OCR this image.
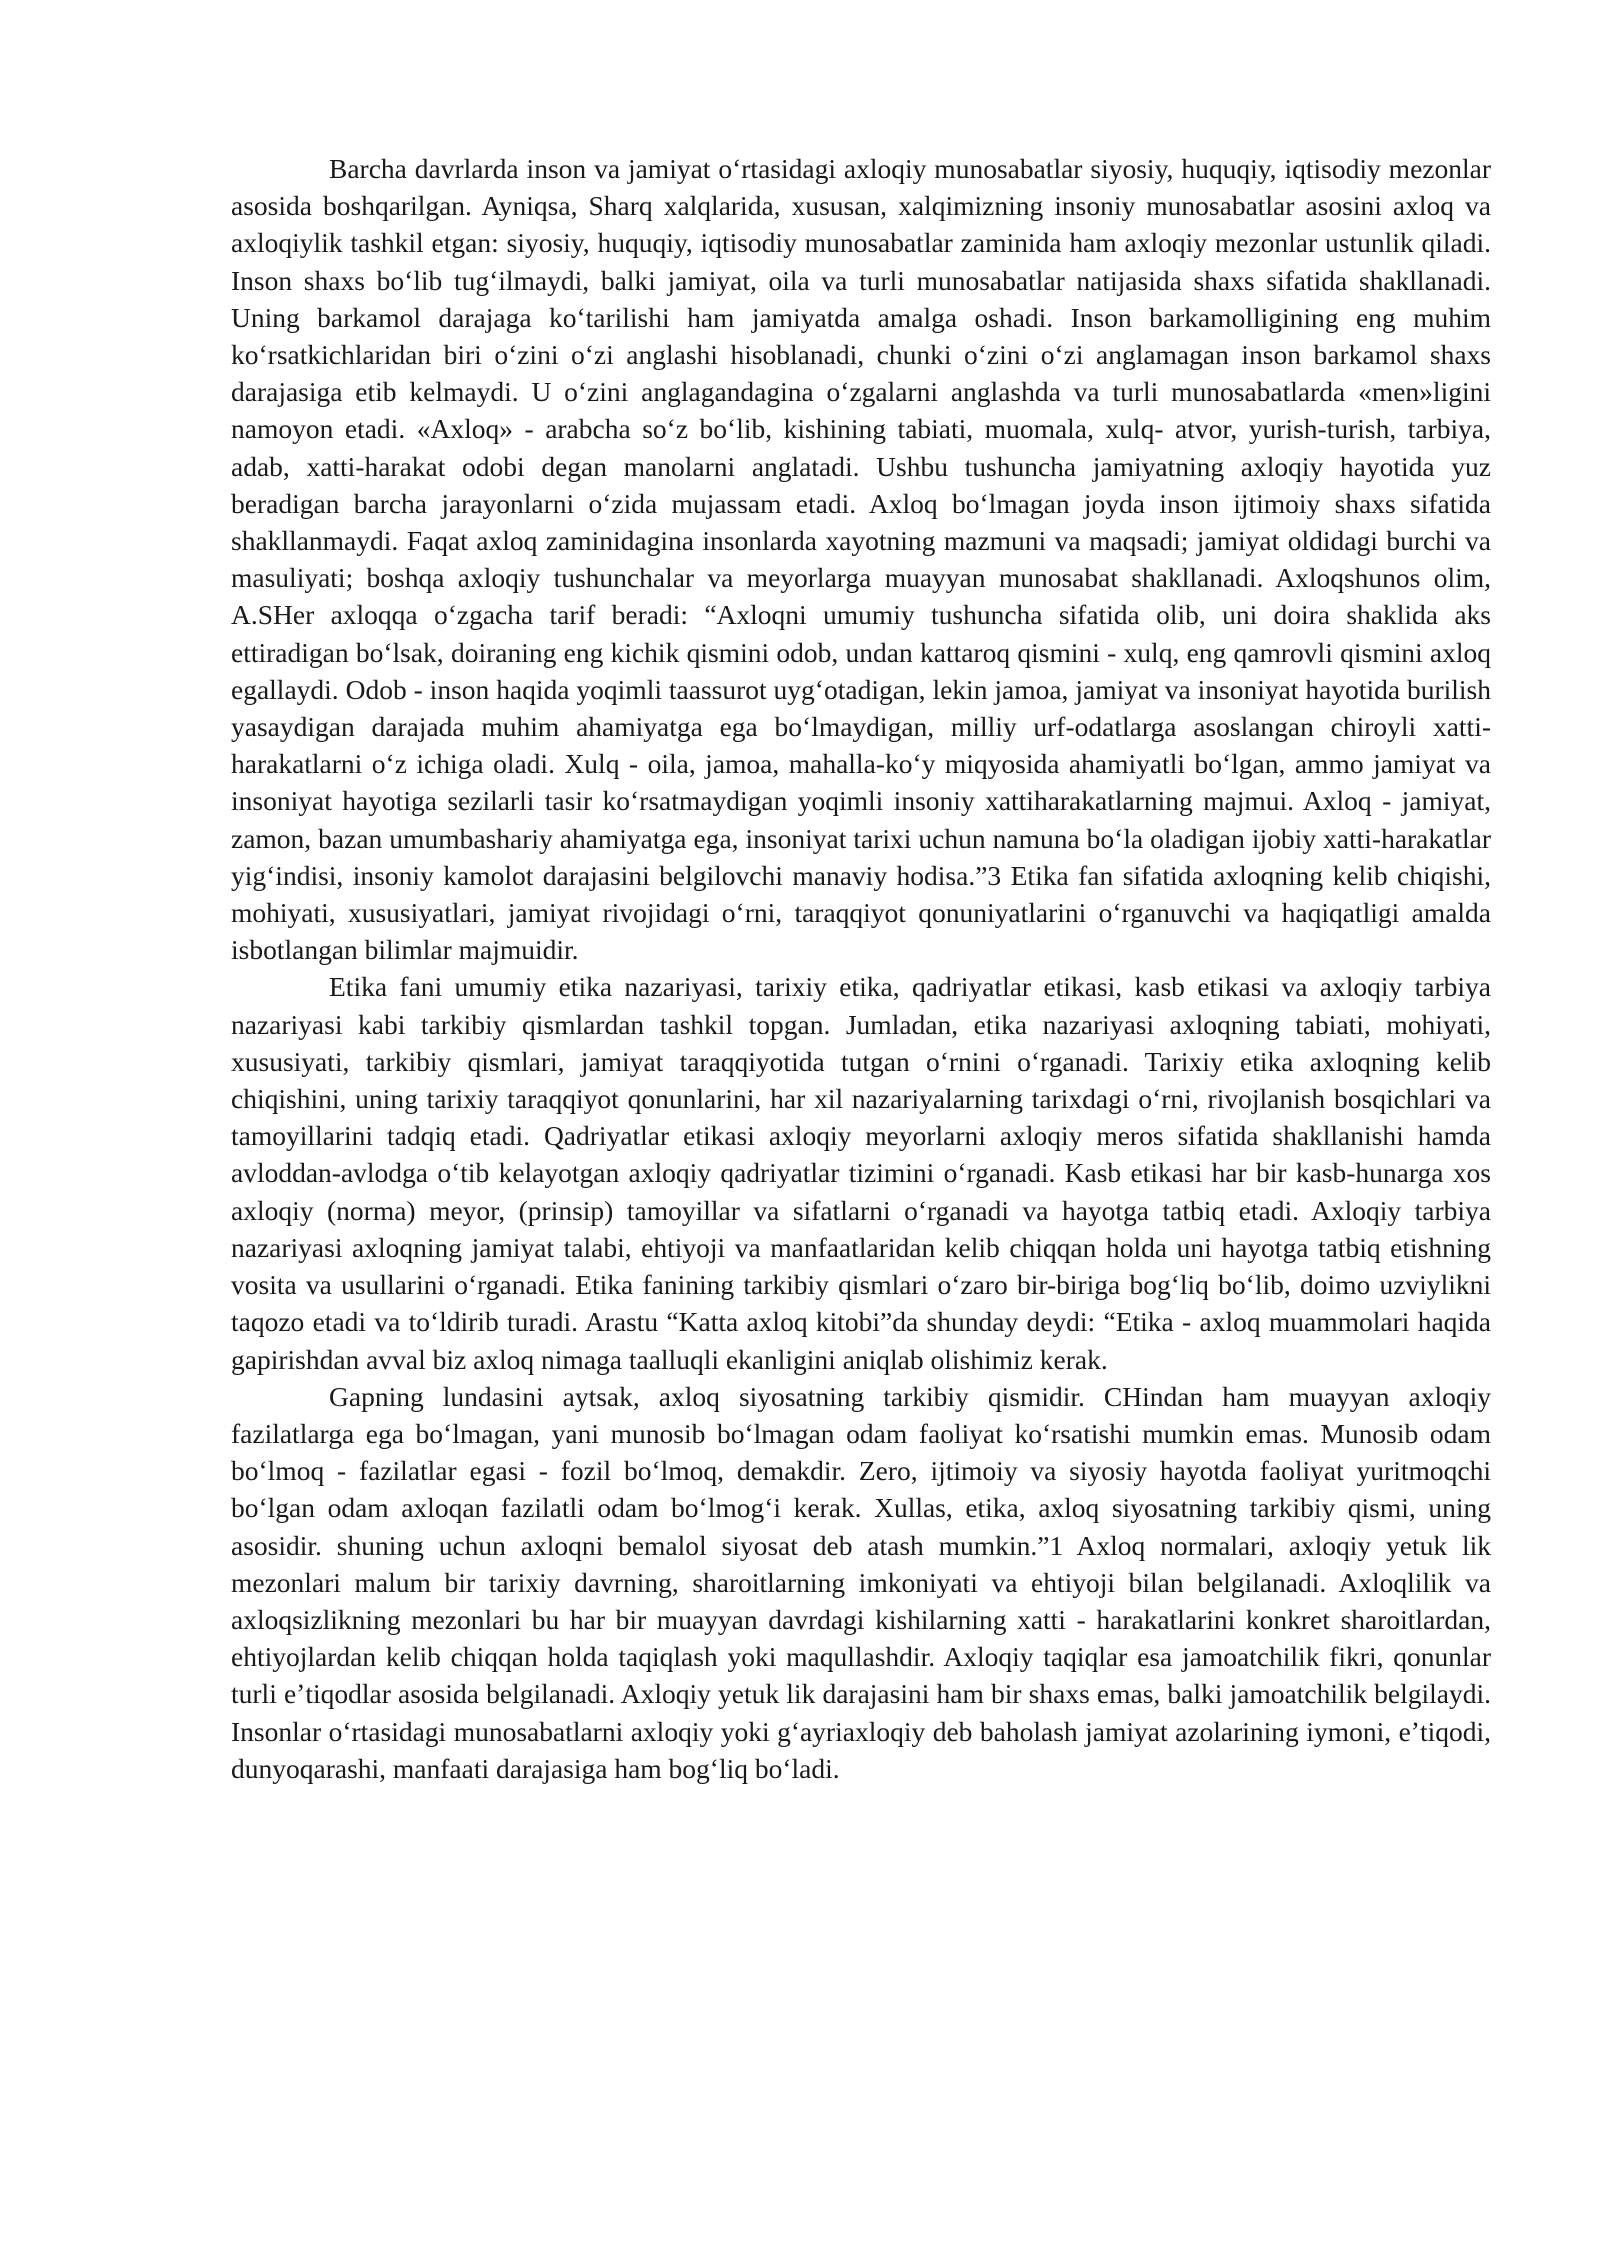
Barcha davrlarda inson va jamiyat oʻrtasidagi axloqiy munosabatlar siyosiy, huquqiy, iqtisodiy mezonlar asosida boshqarilgan. Ayniqsa, Sharq xalqlarida, xususan, xalqimizning insoniy munosabatlar asosini axloq va axloqiylik tashkil etgan: siyosiy, huquqiy, iqtisodiy munosabatlar zaminida ham axloqiy mezonlar ustunlik qiladi. Inson shaxs boʻlib tugʻilmaydi, balki jamiyat, oila va turli munosabatlar natijasida shaxs sifatida shakllanadi. Uning barkamol darajaga koʻtarilishi ham jamiyatda amalga oshadi. Inson barkamolligining eng muhim koʻrsatkichlaridan biri oʻzini oʻzi anglashi hisoblanadi, chunki oʻzini oʻzi anglamagan inson barkamol shaxs darajasiga etib kelmaydi. U oʻzini anglagandagina oʻzgalarni anglashda va turli munosabatlarda «men»ligini namoyon etadi. «Axloq» - arabcha soʻz boʻlib, kishining tabiati, muomala, xulq- atvor, yurish-turish, tarbiya, adab, xatti-harakat odobi degan manolarni anglatadi. Ushbu tushuncha jamiyatning axloqiy hayotida yuz beradigan barcha jarayonlarni oʻzida mujassam etadi. Axloq boʻlmagan joyda inson ijtimoiy shaxs sifatida shakllanmaydi. Faqat axloq zaminidagina insonlarda xayotning mazmuni va maqsadi; jamiyat oldidagi burchi va masuliyati; boshqa axloqiy tushunchalar va meyorlarga muayyan munosabat shakllanadi. Axloqshunos olim, A.SHer axloqqa oʻzgacha tarif beradi: “Axloqni umumiy tushuncha sifatida olib, uni doira shaklida aks ettiradigan boʻlsak, doiraning eng kichik qismini odob, undan kattaroq qismini - xulq, eng qamrovli qismini axloq egallaydi. Odob - inson haqida yoqimli taassurot uygʻotadigan, lekin jamoa, jamiyat va insoniyat hayotida burilish yasaydigan darajada muhim ahamiyatga ega boʻlmaydigan, milliy urf-odatlarga asoslangan chiroyli xatti-harakatlarni oʻz ichiga oladi. Xulq - oila, jamoa, mahalla-koʻy miqyosida ahamiyatli boʻlgan, ammo jamiyat va insoniyat hayotiga sezilarli tasir koʻrsatmaydigan yoqimli insoniy xattiharakatlarning majmui. Axloq - jamiyat, zamon, bazan umumbashariy ahamiyatga ega, insoniyat tarixi uchun namuna boʻla oladigan ijobiy xatti-harakatlar yigʻindisi, insoniy kamolot darajasini belgilovchi manaviy hodisa.”3 Etika fan sifatida axloqning kelib chiqishi, mohiyati, xususiyatlari, jamiyat rivojidagi oʻrni, taraqqiyot qonuniyatlarini oʻrganuvchi va haqiqatligi amalda isbotlangan bilimlar majmuidir.

Etika fani umumiy etika nazariyasi, tarixiy etika, qadriyatlar etikasi, kasb etikasi va axloqiy tarbiya nazariyasi kabi tarkibiy qismlardan tashkil topgan. Jumladan, etika nazariyasi axloqning tabiati, mohiyati, xususiyati, tarkibiy qismlari, jamiyat taraqqiyotida tutgan oʻrnini oʻrganadi. Tarixiy etika axloqning kelib chiqishini, uning tarixiy taraqqiyot qonunlarini, har xil nazariyalarning tarixdagi oʻrni, rivojlanish bosqichlari va tamoyillarini tadqiq etadi. Qadriyatlar etikasi axloqiy meyorlarni axloqiy meros sifatida shakllanishi hamda avloddan-avlodga oʻtib kelayotgan axloqiy qadriyatlar tizimini oʻrganadi. Kasb etikasi har bir kasb-hunarga xos axloqiy (norma) meyor, (prinsip) tamoyillar va sifatlarni oʻrganadi va hayotga tatbiq etadi. Axloqiy tarbiya nazariyasi axloqning jamiyat talabi, ehtiyoji va manfaatlaridan kelib chiqqan holda uni hayotga tatbiq etishning vosita va usullarini oʻrganadi. Etika fanining tarkibiy qismlari oʻzaro bir-biriga bogʻliq boʻlib, doimo uzviylikni taqozo etadi va toʻldirib turadi. Arastu “Katta axloq kitobi”da shunday deydi: “Etika - axloq muammolari haqida gapirishdan avval biz axloq nimaga taalluqli ekanligini aniqlab olishimiz kerak.

Gapning lundasini aytsak, axloq siyosatning tarkibiy qismidir. CHindan ham muayyan axloqiy fazilatlarga ega boʻlmagan, yani munosib boʻlmagan odam faoliyat koʻrsatishi mumkin emas. Munosib odam boʻlmoq - fazilatlar egasi - fozil boʻlmoq, demakdir. Zero, ijtimoiy va siyosiy hayotda faoliyat yuritmoqchi boʻlgan odam axloqan fazilatli odam boʻlmogʻi kerak. Xullas, etika, axloq siyosatning tarkibiy qismi, uning asosidir. shuning uchun axloqni bemalol siyosat deb atash mumkin.”1 Axloq normalari, axloqiy yetuk lik mezonlari malum bir tarixiy davrning, sharoitlarning imkoniyati va ehtiyoji bilan belgilanadi. Axloqlilik va axloqsizlikning mezonlari bu har bir muayyan davrdagi kishilarning xatti - harakatlarini konkret sharoitlardan, ehtiyojlardan kelib chiqqan holda taqiqlash yoki maqullashdir. Axloqiy taqiqlar esa jamoatchilik fikri, qonunlar turli eʼtiqodlar asosida belgilanadi. Axloqiy yetuk lik darajasini ham bir shaxs emas, balki jamoatchilik belgilaydi. Insonlar oʻrtasidagi munosabatlarni axloqiy yoki gʻayriaxloqiy deb baholash jamiyat azolarining iymoni, eʼtiqodi, dunyoqarashi, manfaati darajasiga ham bogʻliq boʻladi.
